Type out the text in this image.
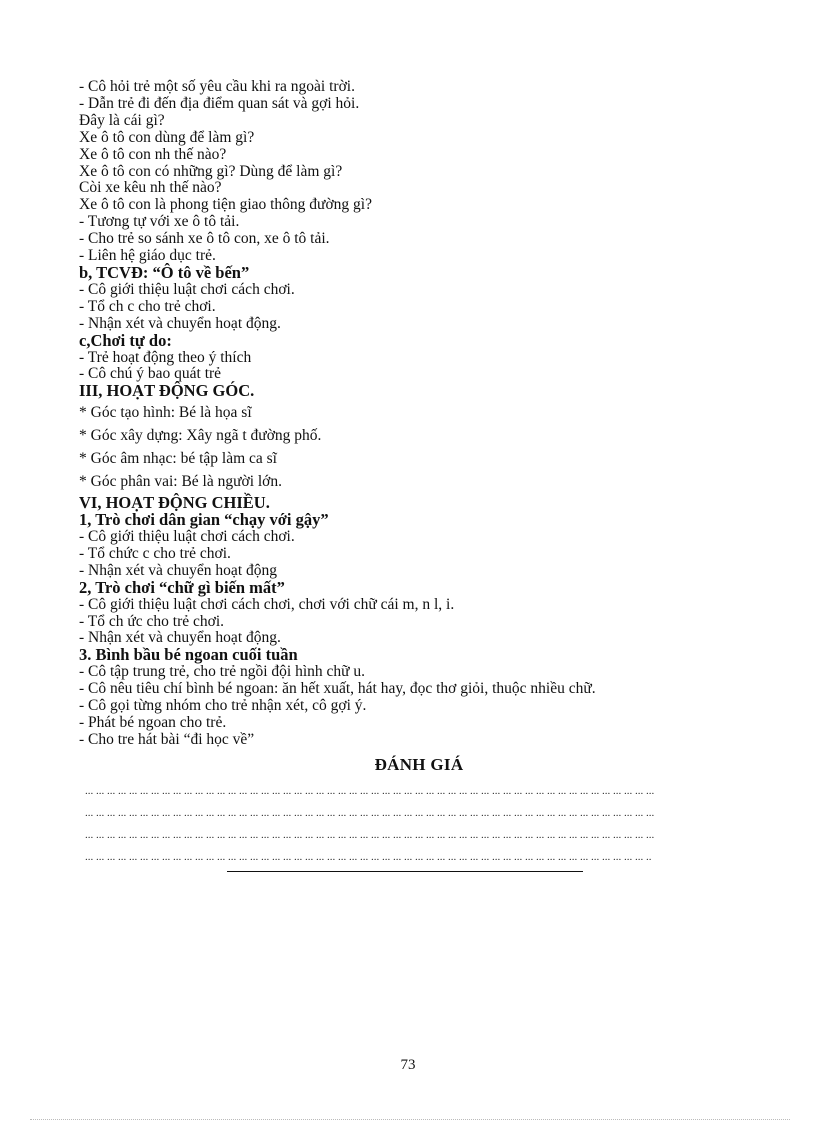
- Cô hỏi trẻ một số yêu cầu khi ra ngoài trời.
- Dẫn trẻ đi đến địa điểm quan sát và gợi hỏi.
Đây là cái gì?
Xe ô tô con dùng để làm gì?
Xe ô tô con nh thế nào?
Xe ô tô con có những gì? Dùng để làm gì?
Còi xe kêu nh thế nào?
Xe ô tô con là phong tiện giao thông đường gì?
- Tương tự với xe ô tô tải.
- Cho trẻ so sánh xe ô tô con, xe ô tô tải.
- Liên hệ giáo dục trẻ.
b, TCVĐ: “Ô tô về bến”
- Cô giới thiệu luật chơi cách chơi.
- Tổ ch c cho trẻ chơi.
- Nhận xét và chuyển hoạt động.
c,Chơi tự do:
- Trẻ hoạt động theo ý thích
- Cô chú ý bao quát trẻ
III, HOẠT ĐỘNG GÓC.
* Góc tạo hình: Bé là họa sĩ
* Góc xây dựng: Xây ngã t đường phố.
* Góc âm nhạc: bé tập làm ca sĩ
* Góc phân vai: Bé là người lớn.
VI, HOẠT ĐỘNG CHIỀU.
1, Trò chơi dân gian “chạy với gậy”
- Cô giới thiệu luật chơi cách chơi.
- Tổ chức c cho trẻ chơi.
- Nhận xét và chuyển hoạt động
2, Trò chơi “chữ gì biến mất”
- Cô giới thiệu luật chơi cách chơi, chơi với chữ cái m, n l, i.
- Tổ ch ức cho trẻ chơi.
- Nhận xét và chuyển hoạt động.
3. Bình bầu bé ngoan cuối tuần
- Cô tập trung trẻ, cho trẻ ngồi đội hình chữ u.
- Cô nêu tiêu chí bình bé ngoan: ăn hết xuất, hát hay, đọc thơ giỏi, thuộc nhiều chữ.
- Cô gọi từng nhóm cho trẻ nhận xét, cô gợi ý.
- Phát bé ngoan cho trẻ.
- Cho tre hát bài “đi học về”
ĐÁNH GIÁ
... ... ... ... ... ... ... ... ... ... ... ... ... ... ... ... ... ... ... ... ... ... ... ... ... ... ... ... ... ... ... ... ... ... ... ... ... ... ... ... ... ... ... ... ... ... ... ... ... ... ... ...
... ... ... ... ... ... ... ... ... ... ... ... ... ... ... ... ... ... ... ... ... ... ... ... ... ... ... ... ... ... ... ... ... ... ... ... ... ... ... ... ... ... ... ... ... ... ... ... ... ... ... ...
... ... ... ... ... ... ... ... ... ... ... ... ... ... ... ... ... ... ... ... ... ... ... ... ... ... ... ... ... ... ... ... ... ... ... ... ... ... ... ... ... ... ... ... ... ... ... ... ... ... ... ...
... ... ... ... ... ... ... ... ... ... ... ... ... ... ... ... ... ... ... ... ... ... ... ... ... ... ... ... ... ... ... ... ... ... ... ... ... ... ... ... ... ... ... ... ... ... ... ... ... ... ... ..
73
